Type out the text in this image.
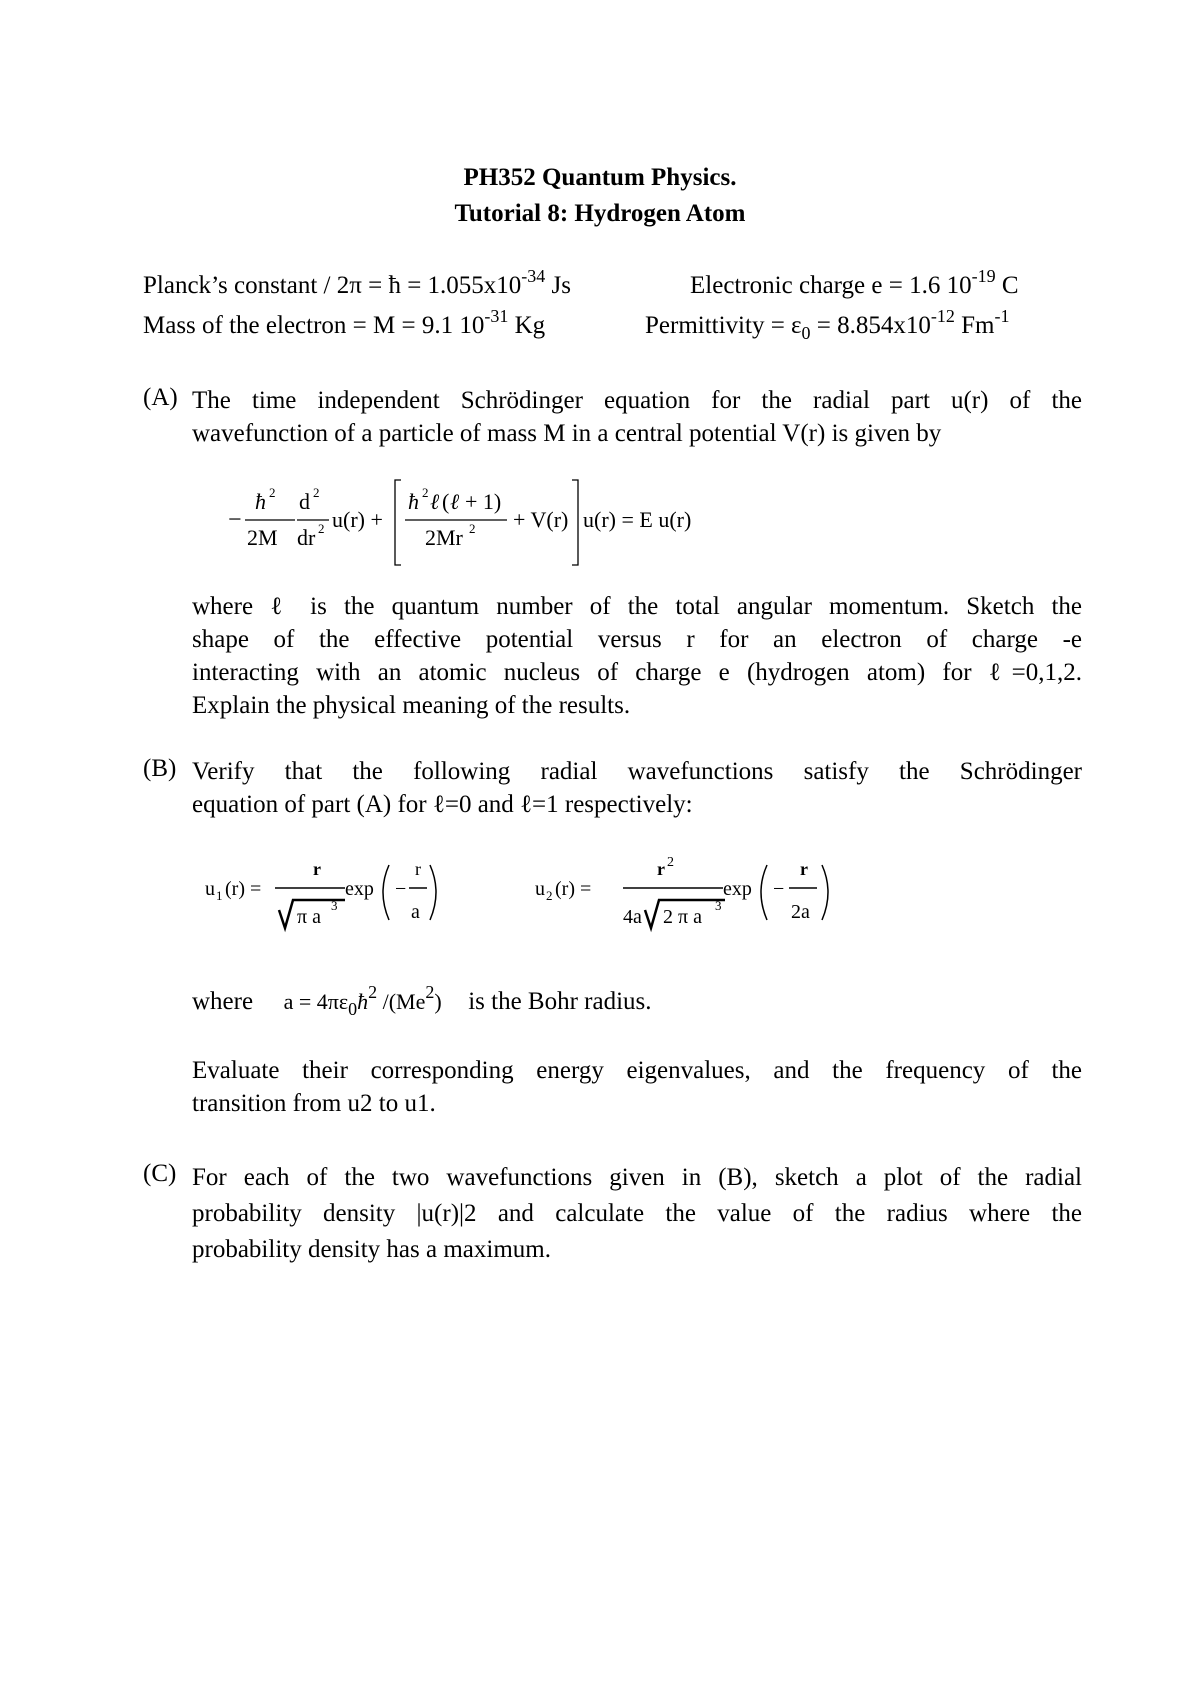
PH352 Quantum Physics.
Tutorial 8: Hydrogen Atom
Planck’s constant / 2π = ħ = $1.055x10^{-34}$ Js	Electronic charge e = 1.6 $10^{-19}$ C
Mass of the electron = M = 9.1 $10^{-31}$ Kg	Permittivity = $\varepsilon_0 = 8.854x10^{-12}$ $Fm^{-1}$
(A) The time independent Schrödinger equation for the radial part u(r) of the
wavefunction of a particle of mass M in a central potential V(r) is given by
−
ħ 2
2M
d 2
dr 2 u(r) +
ħ 2 ℓ ( ℓ + 1)
2Mr 2 + V(r) u(r) = E u(r)
where ℓ is the quantum number of the total angular momentum. Sketch the
shape of the effective potential versus r for an electron of charge -e
interacting with an atomic nucleus of charge e (hydrogen atom) for ℓ=0,1,2.
Explain the physical meaning of the results.
(B) Verify that the following radial wavefunctions satisfy the Schrödinger
equation of part (A) for ℓ=0 and ℓ=1 respectively:
u 1 (r) =
r
π a
3
exp −
r
a
u 2 (r) =
r 2
4a 2 π a
3
exp −
r
2a
where $a = 4\pi\varepsilon_0ħ^2$ /(Me$^2$) is the Bohr radius.
Evaluate their corresponding energy eigenvalues, and the frequency of the
transition from u2 to u1.
(C) For each of the two wavefunctions given in (B), sketch a plot of the radial
probability density |u(r)|2 and calculate the value of the radius where the
probability density has a maximum.
